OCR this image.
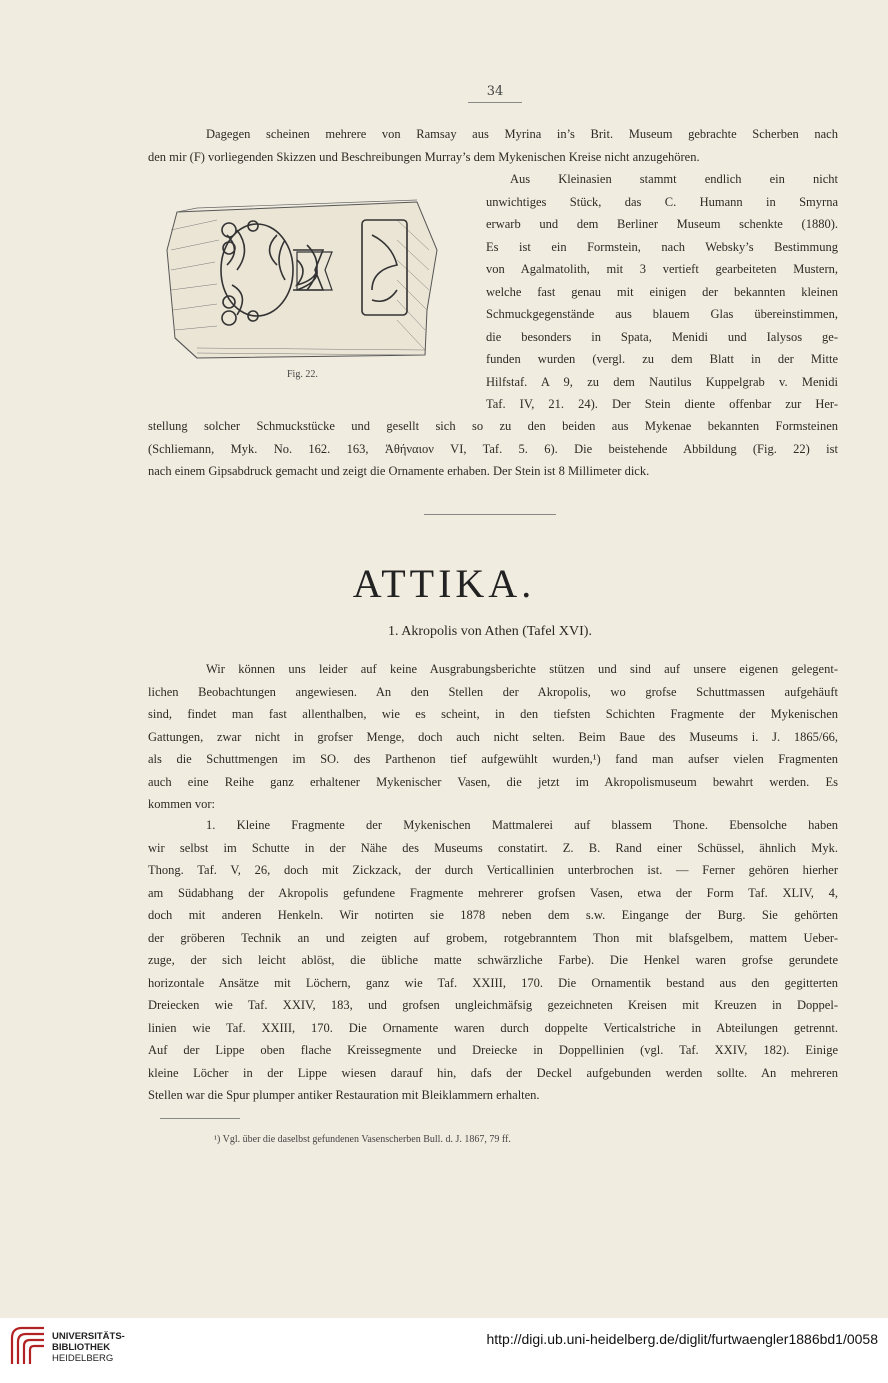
34
Dagegen scheinen mehrere von Ramsay aus Myrina in’s Brit. Museum gebrachte Scherben nach
den mir (F) vorliegenden Skizzen und Beschreibungen Murray’s dem Mykenischen Kreise nicht anzugehören.
Fig. 22.
Aus Kleinasien stammt endlich ein nicht
unwichtiges Stück, das C. Humann in Smyrna
erwarb und dem Berliner Museum schenkte (1880).
Es ist ein Formstein, nach Websky’s Bestimmung
von Agalmatolith, mit 3 vertieft gearbeiteten Mustern,
welche fast genau mit einigen der bekannten kleinen
Schmuckgegenstände aus blauem Glas übereinstimmen,
die besonders in Spata, Menidi und Ialysos ge-
funden wurden (vergl. zu dem Blatt in der Mitte
Hilfstaf. A 9, zu dem Nautilus Kuppelgrab v. Menidi
Taf. IV, 21. 24). Der Stein diente offenbar zur Her-
stellung solcher Schmuckstücke und gesellt sich so zu den beiden aus Mykenae bekannten Formsteinen
(Schliemann, Myk. No. 162. 163, Ἀθήναιον VI, Taf. 5. 6). Die beistehende Abbildung (Fig. 22) ist
nach einem Gipsabdruck gemacht und zeigt die Ornamente erhaben. Der Stein ist 8 Millimeter dick.
ATTIKA.
1. Akropolis von Athen (Tafel XVI).
Wir können uns leider auf keine Ausgrabungsberichte stützen und sind auf unsere eigenen gelegent-
lichen Beobachtungen angewiesen. An den Stellen der Akropolis, wo grofse Schuttmassen aufgehäuft
sind, findet man fast allenthalben, wie es scheint, in den tiefsten Schichten Fragmente der Mykenischen
Gattungen, zwar nicht in grofser Menge, doch auch nicht selten. Beim Baue des Museums i. J. 1865/66,
als die Schuttmengen im SO. des Parthenon tief aufgewühlt wurden,¹) fand man aufser vielen Fragmenten
auch eine Reihe ganz erhaltener Mykenischer Vasen, die jetzt im Akropolismuseum bewahrt werden. Es
kommen vor:
1. Kleine Fragmente der Mykenischen Mattmalerei auf blassem Thone. Ebensolche haben
wir selbst im Schutte in der Nähe des Museums constatirt. Z. B. Rand einer Schüssel, ähnlich Myk.
Thong. Taf. V, 26, doch mit Zickzack, der durch Verticallinien unterbrochen ist. — Ferner gehören hierher
am Südabhang der Akropolis gefundene Fragmente mehrerer grofsen Vasen, etwa der Form Taf. XLIV, 4,
doch mit anderen Henkeln. Wir notirten sie 1878 neben dem s.w. Eingange der Burg. Sie gehörten
der gröberen Technik an und zeigten auf grobem, rotgebranntem Thon mit blafsgelbem, mattem Ueber-
zuge, der sich leicht ablöst, die übliche matte schwärzliche Farbe). Die Henkel waren grofse gerundete
horizontale Ansätze mit Löchern, ganz wie Taf. XXIII, 170. Die Ornamentik bestand aus den gegitterten
Dreiecken wie Taf. XXIV, 183, und grofsen ungleichmäfsig gezeichneten Kreisen mit Kreuzen in Doppel-
linien wie Taf. XXIII, 170. Die Ornamente waren durch doppelte Verticalstriche in Abteilungen getrennt.
Auf der Lippe oben flache Kreissegmente und Dreiecke in Doppellinien (vgl. Taf. XXIV, 182). Einige
kleine Löcher in der Lippe wiesen darauf hin, dafs der Deckel aufgebunden werden sollte. An mehreren
Stellen war die Spur plumper antiker Restauration mit Bleiklammern erhalten.
¹) Vgl. über die daselbst gefundenen Vasenscherben Bull. d. J. 1867, 79 ff.
UNIVERSITÄTS-
BIBLIOTHEK
HEIDELBERG
http://digi.ub.uni-heidelberg.de/diglit/furtwaengler1886bd1/0058
